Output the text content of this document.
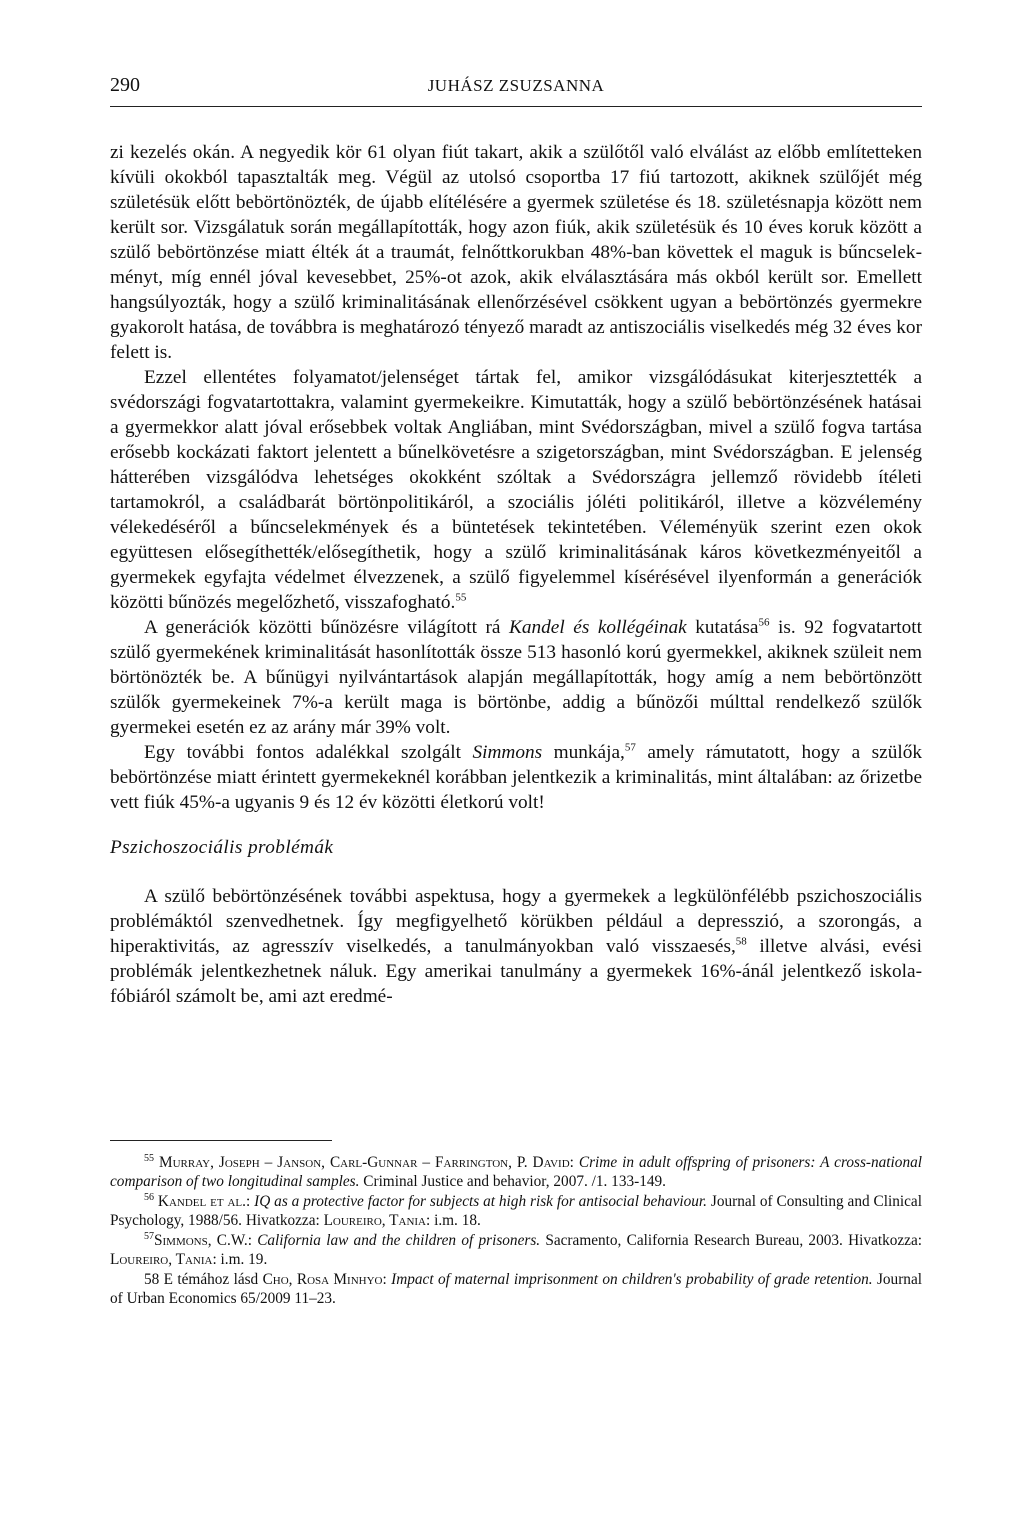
290	JUHÁSZ ZSUZSANNA

zi kezelés okán. A negyedik kör 61 olyan fiút takart, akik a szülőtől való elválást az előbb említetteken kívüli okokból tapasztalták meg. Végül az utolsó csoportba 17 fiú tartozott, akiknek szülőjét még születésük előtt bebörtönözték, de újabb elítélésére a gyermek születése és 18. születésnapja között nem került sor. Vizsgálatuk során megállapították, hogy azon fiúk, akik születésük és 10 éves koruk között a szülő bebörtönzése miatt élték át a traumát, felnőttkorukban 48%-ban követtek el maguk is bűncselekményt, míg ennél jóval kevesebbet, 25%-ot azok, akik elválasztására más okból került sor. Emellett hangsúlyozták, hogy a szülő kriminalitásának ellenőrzésével csökkent ugyan a bebörtönzés gyermekre gyakorolt hatása, de továbbra is meghatározó tényező maradt az antiszociális viselkedés még 32 éves kor felett is.

Ezzel ellentétes folyamatot/jelenséget tártak fel, amikor vizsgálódásukat kiterjesztették a svédországi fogvatartottakra, valamint gyermekeikre. Kimutatták, hogy a szülő bebörtönzésének hatásai a gyermekkor alatt jóval erősebbek voltak Angliában, mint Svédországban, mivel a szülő fogva tartása erősebb kockázati faktort jelentett a bűnelkövetésre a szigetországban, mint Svédországban. E jelenség hátterében vizsgálódva lehetséges okokként szóltak a Svédországra jellemző rövidebb ítéleti tartamokról, a családbarát börtönpolitikáról, a szociális jóléti politikáról, illetve a közvélemény vélekedéséről a bűncselekmények és a büntetések tekintetében. Véleményük szerint ezen okok együttesen elősegíthették/elősegíthetik, hogy a szülő kriminalitásának káros következményeitől a gyermekek egyfajta védelmet élvezzenek, a szülő figyelemmel kísérésével ilyenformán a generációk közötti bűnözés megelőzhető, visszafogható.$^{55}$

A generációk közötti bűnözésre világított rá Kandel és kollégéinak kutatása$^{56}$ is. 92 fogvatartott szülő gyermekének kriminalitását hasonlították össze 513 hasonló korú gyermekkel, akiknek szüleit nem börtönözték be. A bűnügyi nyilvántartások alapján megállapították, hogy amíg a nem bebörtönzött szülők gyermekeinek 7%-a került maga is börtönbe, addig a bűnözői múlttal rendelkező szülők gyermekei esetén ez az arány már 39% volt.

Egy további fontos adalékkal szolgált Simmons munkája,$^{57}$ amely rámutatott, hogy a szülők bebörtönzése miatt érintett gyermekeknél korábban jelentkezik a kriminalitás, mint általában: az őrizetbe vett fiúk 45%-a ugyanis 9 és 12 év közötti életkorú volt!

Pszichoszociális problémák

A szülő bebörtönzésének további aspektusa, hogy a gyermekek a legkülönfélébb pszichoszociális problémáktól szenvedhetnek. Így megfigyelhető körükben például a depresszió, a szorongás, a hiperaktivitás, az agresszív viselkedés, a tanulmányokban való visszaesés,$^{58}$ illetve alvási, evési problémák jelentkezhetnek náluk. Egy amerikai tanulmány a gyermekek 16%-ánál jelentkező iskola-fóbiáról számolt be, ami azt eredmé-

$^{55}$ Murray, Joseph – Janson, Carl-Gunnar – Farrington, P. David: Crime in adult offspring of prisoners: A cross-national comparison of two longitudinal samples. Criminal Justice and behavior, 2007. /1. 133-149.

$^{56}$ Kandel et al.: IQ as a protective factor for subjects at high risk for antisocial behaviour. Journal of Consulting and Clinical Psychology, 1988/56. Hivatkozza: Loureiro, Tania: i.m. 18.

$^{57}$Simmons, C.W.: California law and the children of prisoners. Sacramento, California Research Bureau, 2003. Hivatkozza: Loureiro, Tania: i.m. 19.

58 E témához lásd Cho, Rosa Minhyo: Impact of maternal imprisonment on children's probability of grade retention. Journal of Urban Economics 65/2009 11–23.
